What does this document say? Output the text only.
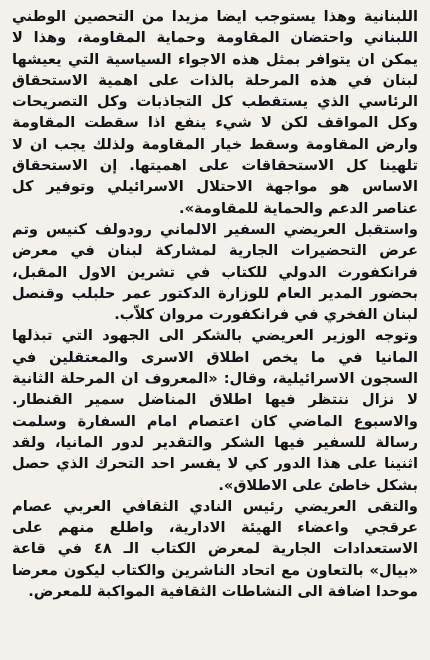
اللبنانية وهذا يستوجب ايضا مزيدا من التحصين الوطني اللبناني واحتضان المقاومة وحماية المقاومة، وهذا لا يمكن ان يتوافر بمثل هذه الاجواء السياسية التي يعيشها لبنان في هذه المرحلة بالذات على اهمية الاستحقاق الرئاسي الذي يستقطب كل التجاذبات وكل التصريحات وكل المواقف لكن لا شيء ينفع اذا سقطت المقاومة وارض المقاومة وسقط خيار المقاومة ولذلك يجب ان لا تلهينا كل الاستحقاقات على اهميتها. إن الاستحقاق الاساس هو مواجهة الاحتلال الاسرائيلي وتوفير كل عناصر الدعم والحماية للمقاومة».

واستقبل العريضي السفير الالماني رودولف كنيس وتم عرض التحضيرات الجارية لمشاركة لبنان في معرض فرانكفورت الدولي للكتاب في تشرين الاول المقبل، بحضور المدير العام للوزارة الدكتور عمر حلبلب وقنصل لبنان الفخري في فرانكفورت مروان كلاّب.

وتوجه الوزير العريضي بالشكر الى الجهود التي تبذلها المانيا في ما يخص اطلاق الاسرى والمعتقلين في السجون الاسرائيلية، وقال: «المعروف ان المرحلة الثانية لا نزال ننتظر فيها اطلاق المناضل سمير القنطار. والاسبوع الماضي كان اعتصام امام السفارة وسلمت رسالة للسفير فيها الشكر والتقدير لدور المانيا، ولقد اثنينا على هذا الدور كي لا يفسر احد التحرك الذي حصل بشكل خاطئ على الاطلاق».

والتقى العريضي رئيس النادي الثقافي العربي عصام عرقجي واعضاء الهيئة الادارية، واطلع منهم على الاستعدادات الجارية لمعرض الكتاب الـ ٤٨ في قاعة «بيال» بالتعاون مع اتحاد الناشرين والكتاب ليكون معرضا موحدا اضافة الى النشاطات الثقافية المواكبة للمعرض.
